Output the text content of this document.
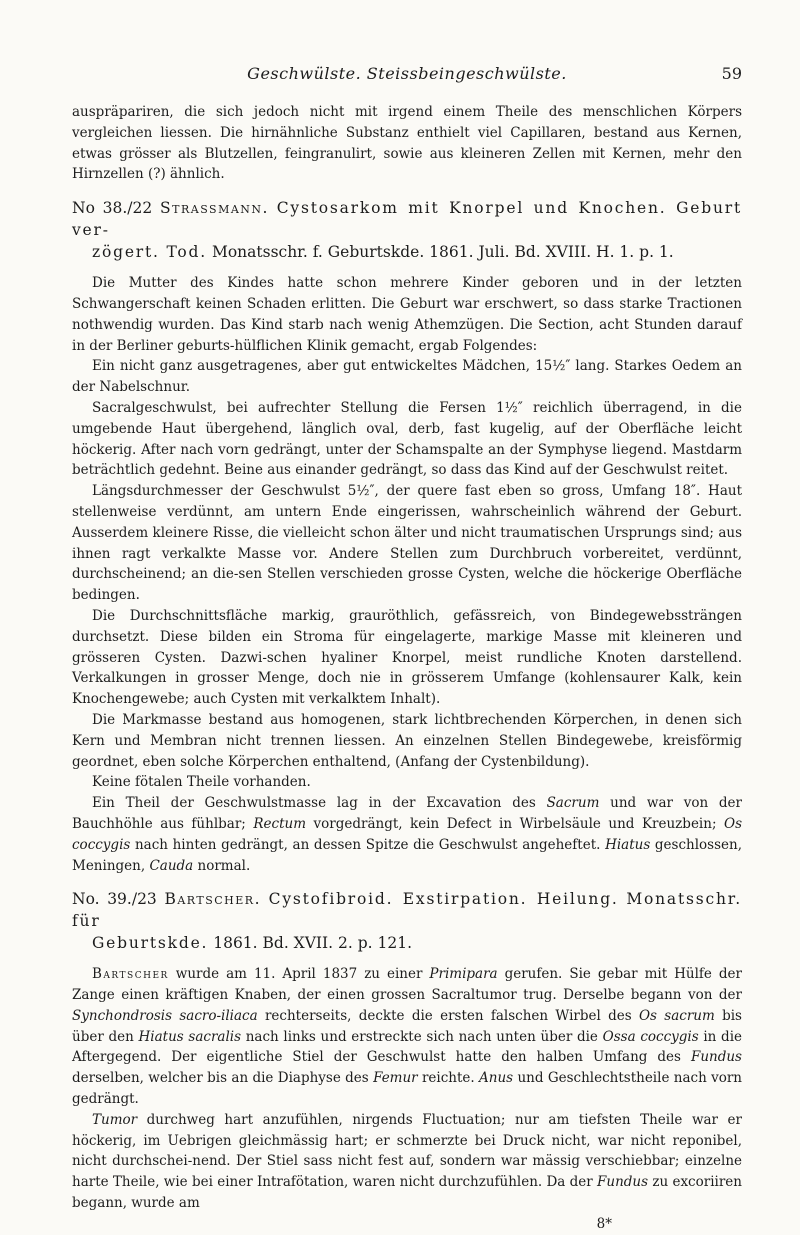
Geschwülste. Steissbeingeschwülste.	59

auspräpariren, die sich jedoch nicht mit irgend einem Theile des menschlichen Körpers vergleichen liessen. Die hirnähnliche Substanz enthielt viel Capillaren, bestand aus Kernen, etwas grösser als Blutzellen, feingranulirt, sowie aus kleineren Zellen mit Kernen, mehr den Hirnzellen (?) ähnlich.

No 38./22 Strassmann. Cystosarkom mit Knorpel und Knochen. Geburt ver-
zögert. Tod. Monatsschr. f. Geburtskde. 1861. Juli. Bd. XVIII. H. 1. p. 1.

Die Mutter des Kindes hatte schon mehrere Kinder geboren und in der letzten Schwangerschaft keinen Schaden erlitten. Die Geburt war erschwert, so dass starke Tractionen nothwendig wurden. Das Kind starb nach wenig Athemzügen. Die Section, acht Stunden darauf in der Berliner geburts-hülflichen Klinik gemacht, ergab Folgendes:

Ein nicht ganz ausgetragenes, aber gut entwickeltes Mädchen, 15½″ lang. Starkes Oedem an der Nabelschnur.

Sacralgeschwulst, bei aufrechter Stellung die Fersen 1½″ reichlich überragend, in die umgebende Haut übergehend, länglich oval, derb, fast kugelig, auf der Oberfläche leicht höckerig. After nach vorn gedrängt, unter der Schamspalte an der Symphyse liegend. Mastdarm beträchtlich gedehnt. Beine aus einander gedrängt, so dass das Kind auf der Geschwulst reitet.

Längsdurchmesser der Geschwulst 5½″, der quere fast eben so gross, Umfang 18″. Haut stellenweise verdünnt, am untern Ende eingerissen, wahrscheinlich während der Geburt. Ausserdem kleinere Risse, die vielleicht schon älter und nicht traumatischen Ursprungs sind; aus ihnen ragt verkalkte Masse vor. Andere Stellen zum Durchbruch vorbereitet, verdünnt, durchscheinend; an die-sen Stellen verschieden grosse Cysten, welche die höckerige Oberfläche bedingen.

Die Durchschnittsfläche markig, grauröthlich, gefässreich, von Bindegewebssträngen durchsetzt. Diese bilden ein Stroma für eingelagerte, markige Masse mit kleineren und grösseren Cysten. Dazwi-schen hyaliner Knorpel, meist rundliche Knoten darstellend. Verkalkungen in grosser Menge, doch nie in grösserem Umfange (kohlensaurer Kalk, kein Knochengewebe; auch Cysten mit verkalktem Inhalt).

Die Markmasse bestand aus homogenen, stark lichtbrechenden Körperchen, in denen sich Kern und Membran nicht trennen liessen. An einzelnen Stellen Bindegewebe, kreisförmig geordnet, eben solche Körperchen enthaltend, (Anfang der Cystenbildung).

Keine fötalen Theile vorhanden.

Ein Theil der Geschwulstmasse lag in der Excavation des Sacrum und war von der Bauchhöhle aus fühlbar; Rectum vorgedrängt, kein Defect in Wirbelsäule und Kreuzbein; Os coccygis nach hinten gedrängt, an dessen Spitze die Geschwulst angeheftet. Hiatus geschlossen, Meningen, Cauda normal.

No. 39./23 Bartscher. Cystofibroid. Exstirpation. Heilung. Monatsschr. für
Geburtskde. 1861. Bd. XVII. 2. p. 121.

Bartscher wurde am 11. April 1837 zu einer Primipara gerufen. Sie gebar mit Hülfe der Zange einen kräftigen Knaben, der einen grossen Sacraltumor trug. Derselbe begann von der Synchondrosis sacro-iliaca rechterseits, deckte die ersten falschen Wirbel des Os sacrum bis über den Hiatus sacralis nach links und erstreckte sich nach unten über die Ossa coccygis in die Aftergegend. Der eigentliche Stiel der Geschwulst hatte den halben Umfang des Fundus derselben, welcher bis an die Diaphyse des Femur reichte. Anus und Geschlechtstheile nach vorn gedrängt.

Tumor durchweg hart anzufühlen, nirgends Fluctuation; nur am tiefsten Theile war er höckerig, im Uebrigen gleichmässig hart; er schmerzte bei Druck nicht, war nicht reponibel, nicht durchschei-nend. Der Stiel sass nicht fest auf, sondern war mässig verschiebbar; einzelne harte Theile, wie bei einer Intrafötation, waren nicht durchzufühlen. Da der Fundus zu excoriiren begann, wurde am

8*
